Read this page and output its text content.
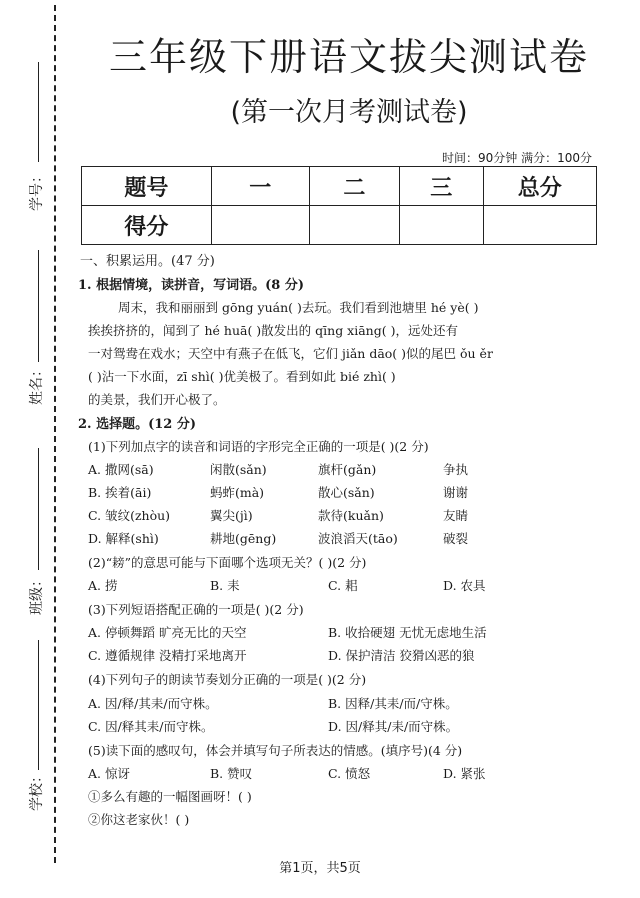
学号：
姓名：
班级：
学校：
三年级下册语文拔尖测试卷
(第一次月考测试卷)
时间：90分钟 满分：100分
题号	一	二	三	总分
得分				
一、积累运用。(47 分)
1. 根据情境，读拼音，写词语。(8 分)
周末，我和丽丽到 gōng yuán( )去玩。我们看到池塘里 hé yè( )
挨挨挤挤的，闻到了 hé huā( )散发出的 qīng xiāng( )，远处还有
一对鸳鸯在戏水；天空中有燕子在低飞，它们 jiǎn dāo( )似的尾巴 ǒu ěr
( )沾一下水面，zī shì( )优美极了。看到如此 bié zhì( )
的美景，我们开心极了。
2. 选择题。(12 分)
(1)下列加点字的读音和词语的字形完全正确的一项是( )(2 分)
A. 撒网(sā)	闲散(sǎn)	旗杆(gǎn)	争执
B. 挨着(āi)	蚂蚱(mà)	散心(sǎn)	谢谢
C. 皱纹(zhòu)	翼尖(jì)	款待(kuǎn)	友睛
D. 解释(shì)	耕地(gēng)	波浪滔天(tāo)	破裂
(2)“耪”的意思可能与下面哪个选项无关？( )(2 分)
A. 捞	B. 耒	C. 耜	D. 农具
(3)下列短语搭配正确的一项是( )(2 分)
A. 停顿舞蹈 旷亮无比的天空	B. 收拾硬翅 无忧无虑地生活
C. 遵循规律 没精打采地离开	D. 保护清洁 狡猾凶恶的狼
(4)下列句子的朗读节奏划分正确的一项是( )(2 分)
A. 因/释/其耒/而守株。	B. 因释/其耒/而/守株。
C. 因/释其耒/而守株。	D. 因/释其/耒/而守株。
(5)读下面的感叹句，体会并填写句子所表达的情感。(填序号)(4 分)
A. 惊讶	B. 赞叹	C. 愤怒	D. 紧张
①多么有趣的一幅图画呀！( )
②你这老家伙！( )
第1页，共5页
